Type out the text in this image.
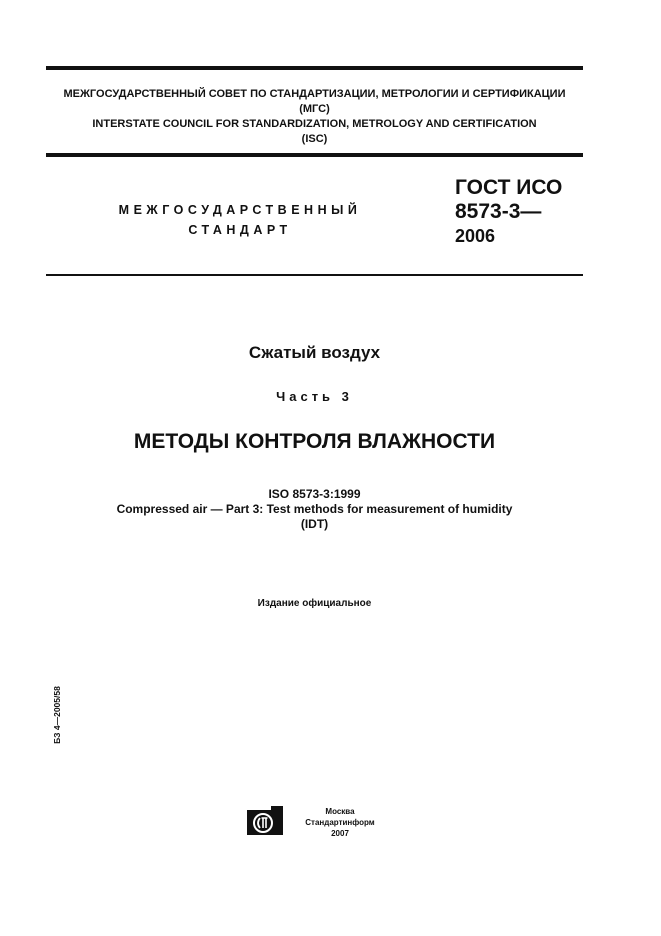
МЕЖГОСУДАРСТВЕННЫЙ СОВЕТ ПО СТАНДАРТИЗАЦИИ, МЕТРОЛОГИИ И СЕРТИФИКАЦИИ
(МГС)
INTERSTATE COUNCIL FOR STANDARDIZATION, METROLOGY AND CERTIFICATION
(ISC)
МЕЖГОСУДАРСТВЕННЫЙ
СТАНДАРТ
ГОСТ ИСО
8573-3—
2006
Сжатый воздух
Часть 3
МЕТОДЫ КОНТРОЛЯ ВЛАЖНОСТИ
ISO 8573-3:1999
Compressed air — Part 3: Test methods for measurement of humidity
(IDT)
Издание официальное
БЗ 4—2005/58
Москва
Стандартинформ
2007
